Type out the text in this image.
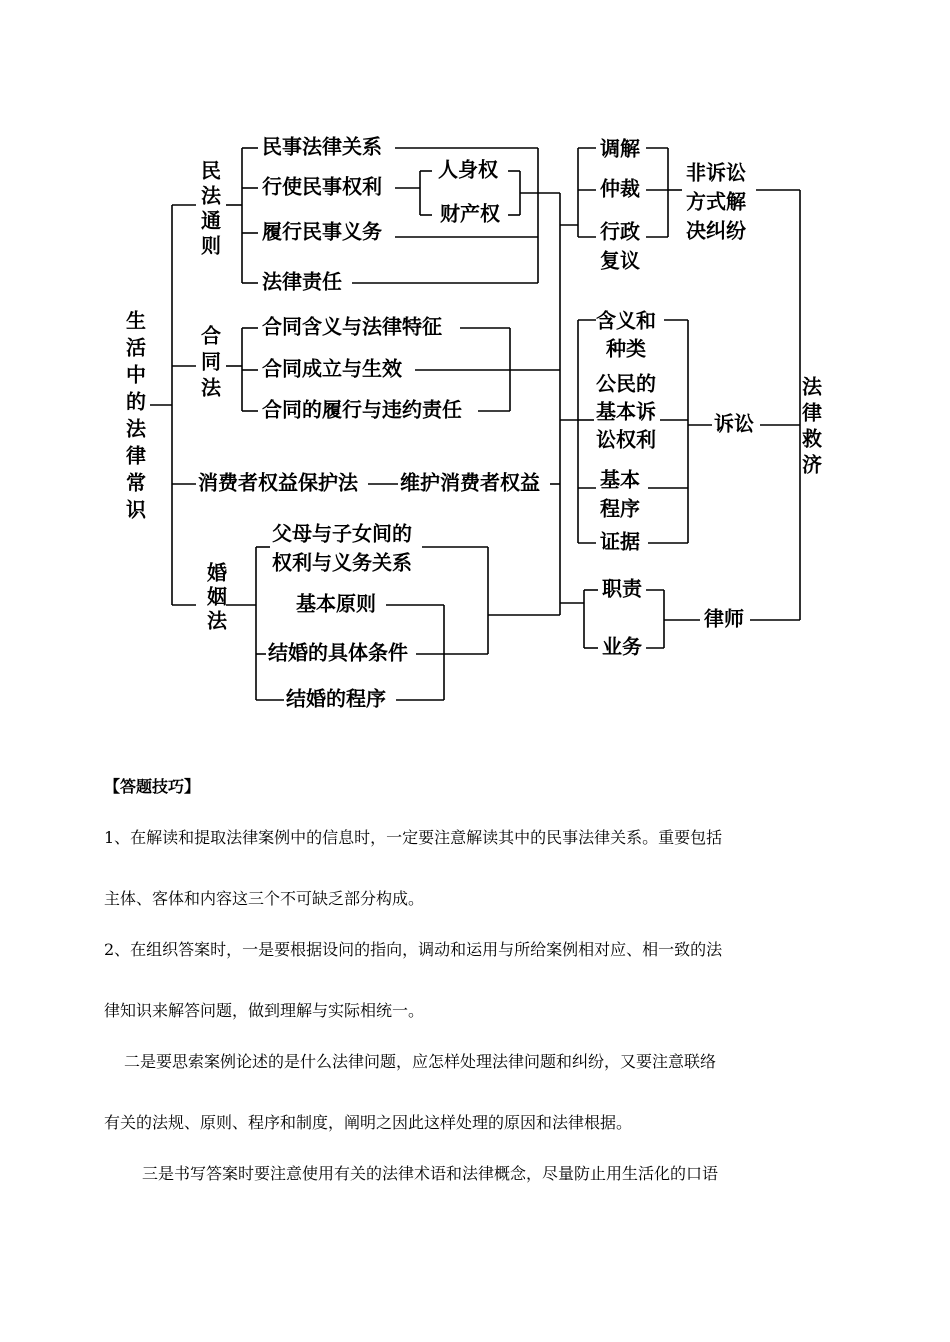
生
活
中
的
法
律
常
识
民
法
通
则
民事法律关系
行使民事权利
履行民事义务
法律责任
人身权
财产权
合
同
法
合同含义与法律特征
合同成立与生效
合同的履行与违约责任
消费者权益保护法 维护消费者权益
婚
姻
法
父母与子女间的
权利与义务关系
基本原则
结婚的具体条件
结婚的程序
调解
仲裁
行政
复议
非诉讼
方式解
决纠纷
含义和
种类
公民的
基本诉
讼权利
基本
程序
证据
诉讼
职责
业务
律师
法
律
救
济

【答题技巧】

1、在解读和提取法律案例中的信息时，一定要注意解读其中的民事法律关系。重要包括

主体、客体和内容这三个不可缺乏部分构成。

2、在组织答案时，一是要根据设问的指向，调动和运用与所给案例相对应、相一致的法

律知识来解答问题，做到理解与实际相统一。

二是要思索案例论述的是什么法律问题，应怎样处理法律问题和纠纷，又要注意联络

有关的法规、原则、程序和制度，阐明之因此这样处理的原因和法律根据。

三是书写答案时要注意使用有关的法律术语和法律概念，尽量防止用生活化的口语
